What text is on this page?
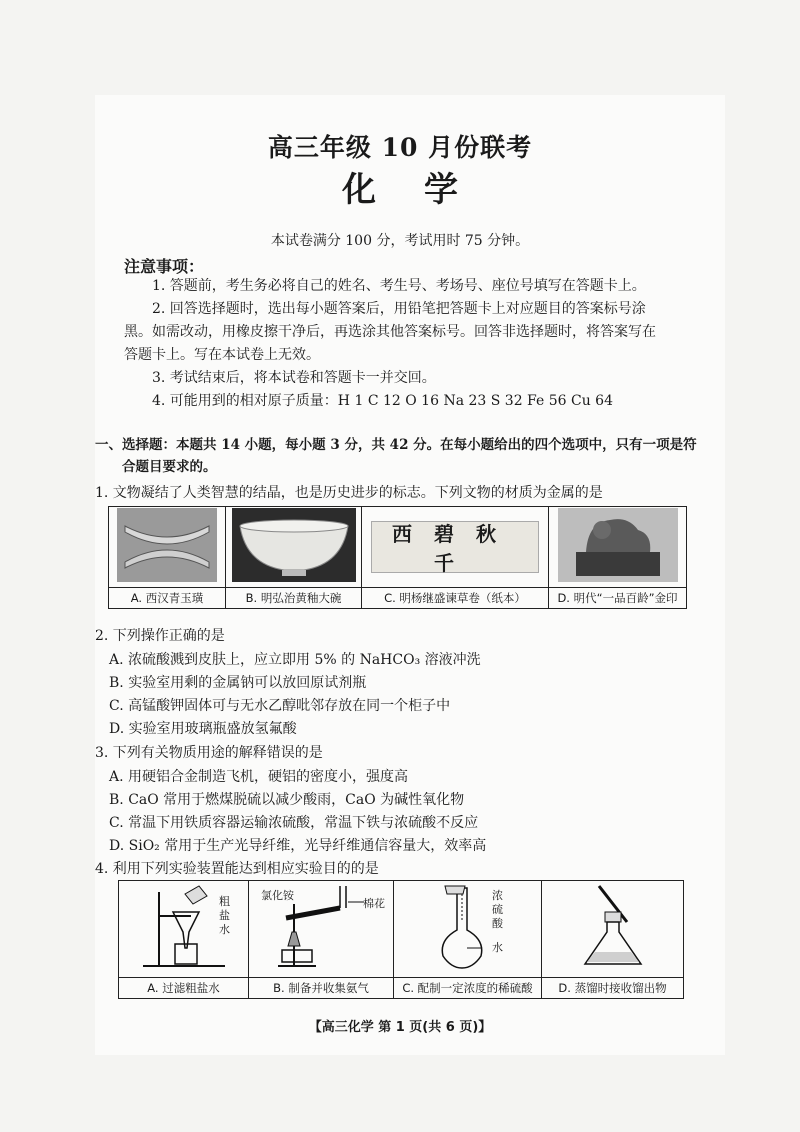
高三年级 10 月份联考
化学
本试卷满分 100 分，考试用时 75 分钟。
注意事项：
1. 答题前，考生务必将自己的姓名、考生号、考场号、座位号填写在答题卡上。
2. 回答选择题时，选出每小题答案后，用铅笔把答题卡上对应题目的答案标号涂
黑。如需改动，用橡皮擦干净后，再选涂其他答案标号。回答非选择题时，将答案写在
答题卡上。写在本试卷上无效。
3. 考试结束后，将本试卷和答题卡一并交回。
4. 可能用到的相对原子质量：H 1 C 12 O 16 Na 23 S 32 Fe 56 Cu 64
一、选择题：本题共 14 小题，每小题 3 分，共 42 分。在每小题给出的四个选项中，只有一项是符
合题目要求的。
1. 文物凝结了人类智慧的结晶，也是历史进步的标志。下列文物的材质为金属的是

西碧秋千

A. 西汉青玉璜	B. 明弘治黄釉大碗	C. 明杨继盛谏草卷（纸本）	D. 明代“一品百龄”金印
2. 下列操作正确的是
A. 浓硫酸溅到皮肤上，应立即用 5% 的 NaHCO₃ 溶液冲洗
B. 实验室用剩的金属钠可以放回原试剂瓶
C. 高锰酸钾固体可与无水乙醇吡邻存放在同一个柜子中
D. 实验室用玻璃瓶盛放氢氟酸
3. 下列有关物质用途的解释错误的是
A. 用硬铝合金制造飞机，硬铝的密度小，强度高
B. CaO 常用于燃煤脱硫以减少酸雨，CaO 为碱性氧化物
C. 常温下用铁质容器运输浓硫酸，常温下铁与浓硫酸不反应
D. SiO₂ 常用于生产光导纤维，光导纤维通信容量大，效率高
4. 利用下列实验装置能达到相应实验目的的是
粗
盐
水	氯化铵
棉花	浓
硫
酸
水

A. 过滤粗盐水	B. 制备并收集氨气	C. 配制一定浓度的稀硫酸	D. 蒸馏时接收馏出物
【高三化学 第 1 页(共 6 页)】
